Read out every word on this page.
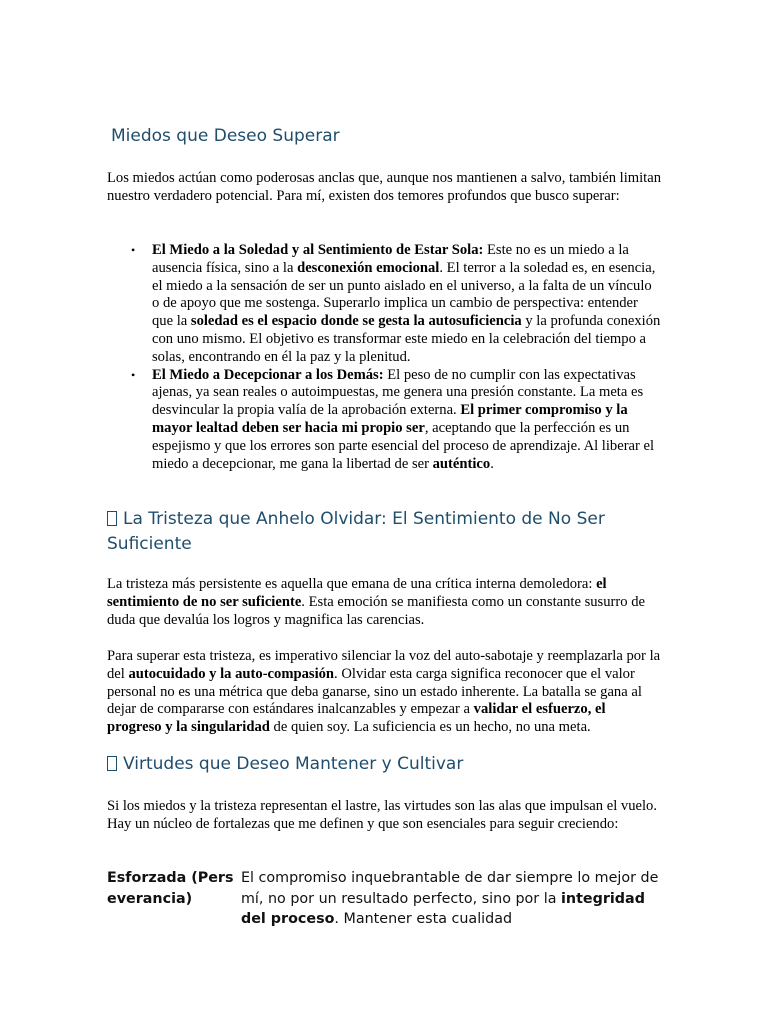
Miedos que Deseo Superar

Los miedos actúan como poderosas anclas que, aunque nos mantienen a salvo, también limitan nuestro verdadero potencial. Para mí, existen dos temores profundos que busco superar:

• El Miedo a la Soledad y al Sentimiento de Estar Sola: Este no es un miedo a la ausencia física, sino a la desconexión emocional. El terror a la soledad es, en esencia, el miedo a la sensación de ser un punto aislado en el universo, a la falta de un vínculo o de apoyo que me sostenga. Superarlo implica un cambio de perspectiva: entender que la soledad es el espacio donde se gesta la autosuficiencia y la profunda conexión con uno mismo. El objetivo es transformar este miedo en la celebración del tiempo a solas, encontrando en él la paz y la plenitud.
• El Miedo a Decepcionar a los Demás: El peso de no cumplir con las expectativas ajenas, ya sean reales o autoimpuestas, me genera una presión constante. La meta es desvincular la propia valía de la aprobación externa. El primer compromiso y la mayor lealtad deben ser hacia mi propio ser, aceptando que la perfección es un espejismo y que los errores son parte esencial del proceso de aprendizaje. Al liberar el miedo a decepcionar, me gana la libertad de ser auténtico.
La Tristeza que Anhelo Olvidar: El Sentimiento de No Ser Suficiente

La tristeza más persistente es aquella que emana de una crítica interna demoledora: el sentimiento de no ser suficiente. Esta emoción se manifiesta como un constante susurro de duda que devalúa los logros y magnifica las carencias.

Para superar esta tristeza, es imperativo silenciar la voz del auto-sabotaje y reemplazarla por la del autocuidado y la auto-compasión. Olvidar esta carga significa reconocer que el valor personal no es una métrica que deba ganarse, sino un estado inherente. La batalla se gana al dejar de compararse con estándares inalcanzables y empezar a validar el esfuerzo, el progreso y la singularidad de quien soy. La suficiencia es un hecho, no una meta.

Virtudes que Deseo Mantener y Cultivar

Si los miedos y la tristeza representan el lastre, las virtudes son las alas que impulsan el vuelo. Hay un núcleo de fortalezas que me definen y que son esenciales para seguir creciendo:

Esforzada (Perseverancia)
El compromiso inquebrantable de dar siempre lo mejor de mí, no por un resultado perfecto, sino por la integridad del proceso. Mantener esta cualidad
